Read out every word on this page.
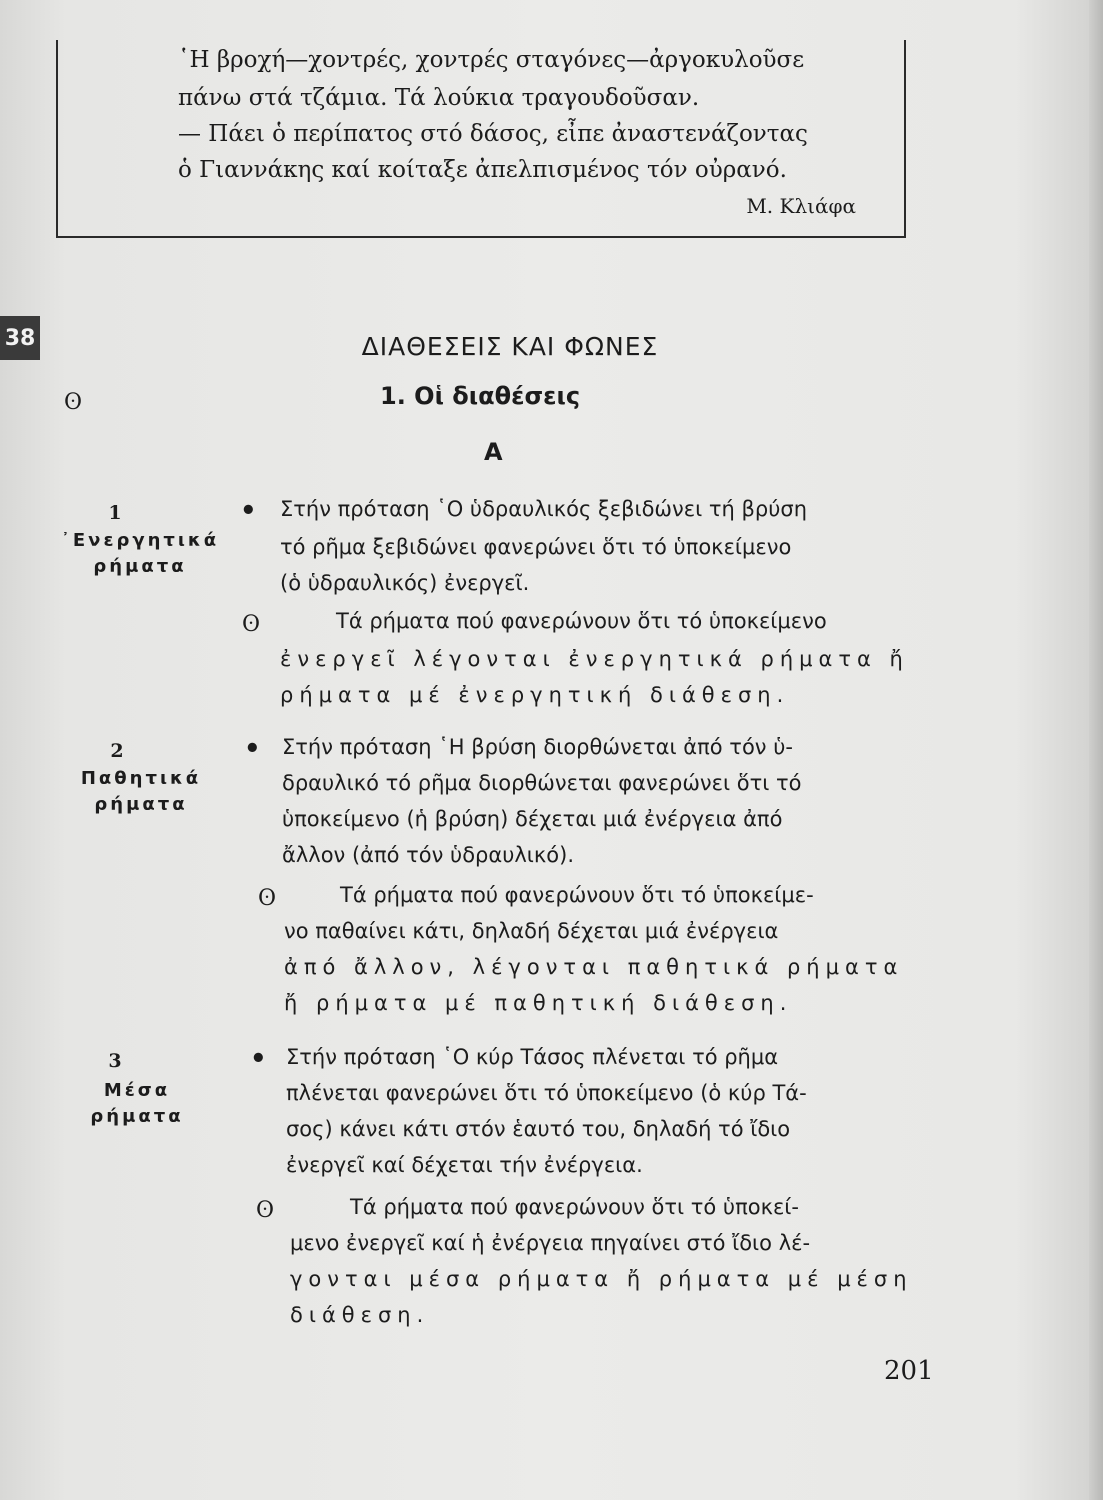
῾Η βροχή—χοντρές, χοντρές σταγόνες—ἀργοκυλοῦσε
πάνω στά τζάμια. Τά λούκια τραγουδοῦσαν.
— Πάει ὁ περίπατος στό δάσος, εἶπε ἀναστενάζοντας
ὁ Γιαννάκης καί κοίταξε ἀπελπισμένος τόν οὐρανό.
Μ. Κλιάφα
38	ΔΙΑΘΕΣΕΙΣ ΚΑΙ ΦΩΝΕΣ
ʘ	1. Οἱ διαθέσεις
Α
1
᾿Ενεργητικά
ρήματα
• Στήν πρόταση ῾Ο ὑδραυλικός ξεβιδώνει τή βρύση
τό ρῆμα ξεβιδώνει φανερώνει ὅτι τό ὑποκείμενο
(ὁ ὑδραυλικός) ἐνεργεῖ.
ʘ	Τά ρήματα πού φανερώνουν ὅτι τό ὑποκείμενο
ἐνεργεῖ λέγονται ἐνεργητικά ρήματα ἤ
ρήματα μέ ἐνεργητική διάθεση.
2
Παθητικά
ρήματα
• Στήν πρόταση ῾Η βρύση διορθώνεται ἀπό τόν ὑ-
δραυλικό τό ρῆμα διορθώνεται φανερώνει ὅτι τό
ὑποκείμενο (ἡ βρύση) δέχεται μιά ἐνέργεια ἀπό
ἄλλον (ἀπό τόν ὑδραυλικό).
ʘ	Τά ρήματα πού φανερώνουν ὅτι τό ὑποκείμε-
νο παθαίνει κάτι, δηλαδή δέχεται μιά ἐνέργεια
ἀπό ἄλλον, λέγονται παθητικά ρήματα
ἤ ρήματα μέ παθητική διάθεση.
3
Μέσα
ρήματα
• Στήν πρόταση ῾Ο κύρ Τάσος πλένεται τό ρῆμα
πλένεται φανερώνει ὅτι τό ὑποκείμενο (ὁ κύρ Τά-
σος) κάνει κάτι στόν ἑαυτό του, δηλαδή τό ἴδιο
ἐνεργεῖ καί δέχεται τήν ἐνέργεια.
ʘ	Τά ρήματα πού φανερώνουν ὅτι τό ὑποκεί-
μενο ἐνεργεῖ καί ἡ ἐνέργεια πηγαίνει στό ἴδιο λέ-
γονται μέσα ρήματα ἤ ρήματα μέ μέση
διάθεση.
201
